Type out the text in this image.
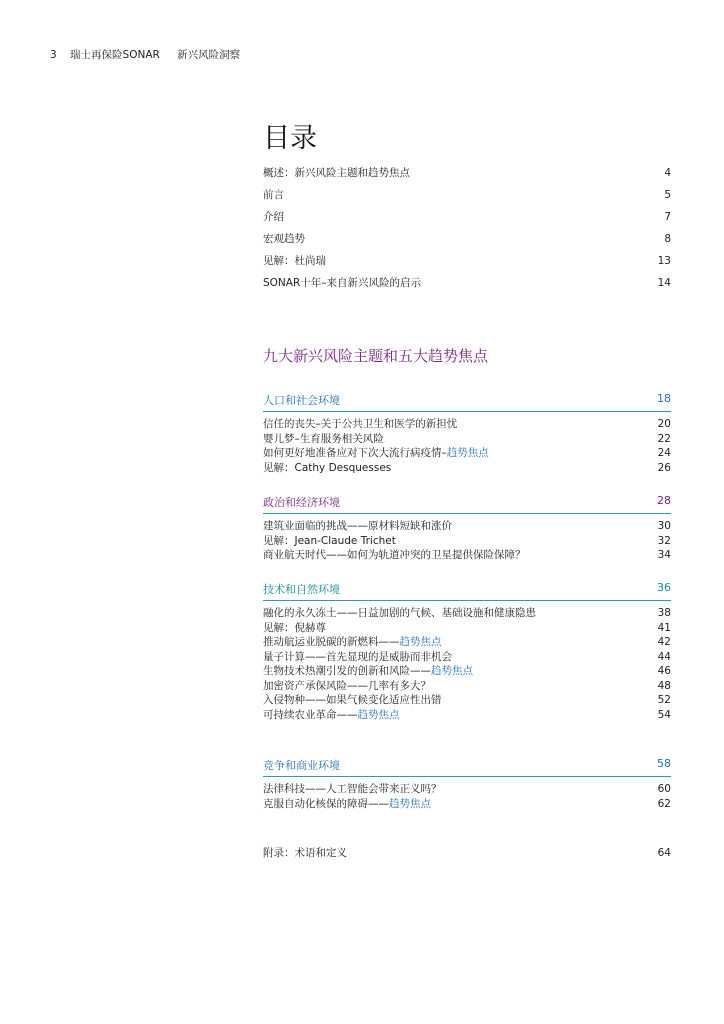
3 瑞士再保险SONAR 新兴风险洞察
目录
概述：新兴风险主题和趋势焦点	4
前言	5
介绍	7
宏观趋势	8
见解：杜尚瑞	13
SONAR十年–来自新兴风险的启示	14
九大新兴风险主题和五大趋势焦点
人口和社会环境	18
信任的丧失–关于公共卫生和医学的新担忧	20
婴儿梦–生育服务相关风险	22
如何更好地准备应对下次大流行病疫情–趋势焦点	24
见解：Cathy Desquesses	26
政治和经济环境	28
建筑业面临的挑战——原材料短缺和涨价	30
见解：Jean-Claude Trichet	32
商业航天时代——如何为轨道冲突的卫星提供保险保障？	34
技术和自然环境	36
融化的永久冻土——日益加剧的气候、基础设施和健康隐患	38
见解：倪赫尊	41
推动航运业脱碳的新燃料——趋势焦点	42
量子计算——首先显现的是威胁而非机会	44
生物技术热潮引发的创新和风险——趋势焦点	46
加密资产承保风险——几率有多大？	48
入侵物种——如果气候变化适应性出错	52
可持续农业革命——趋势焦点	54
竞争和商业环境	58
法律科技——人工智能会带来正义吗？	60
克服自动化核保的障碍——趋势焦点	62
附录：术语和定义	64
